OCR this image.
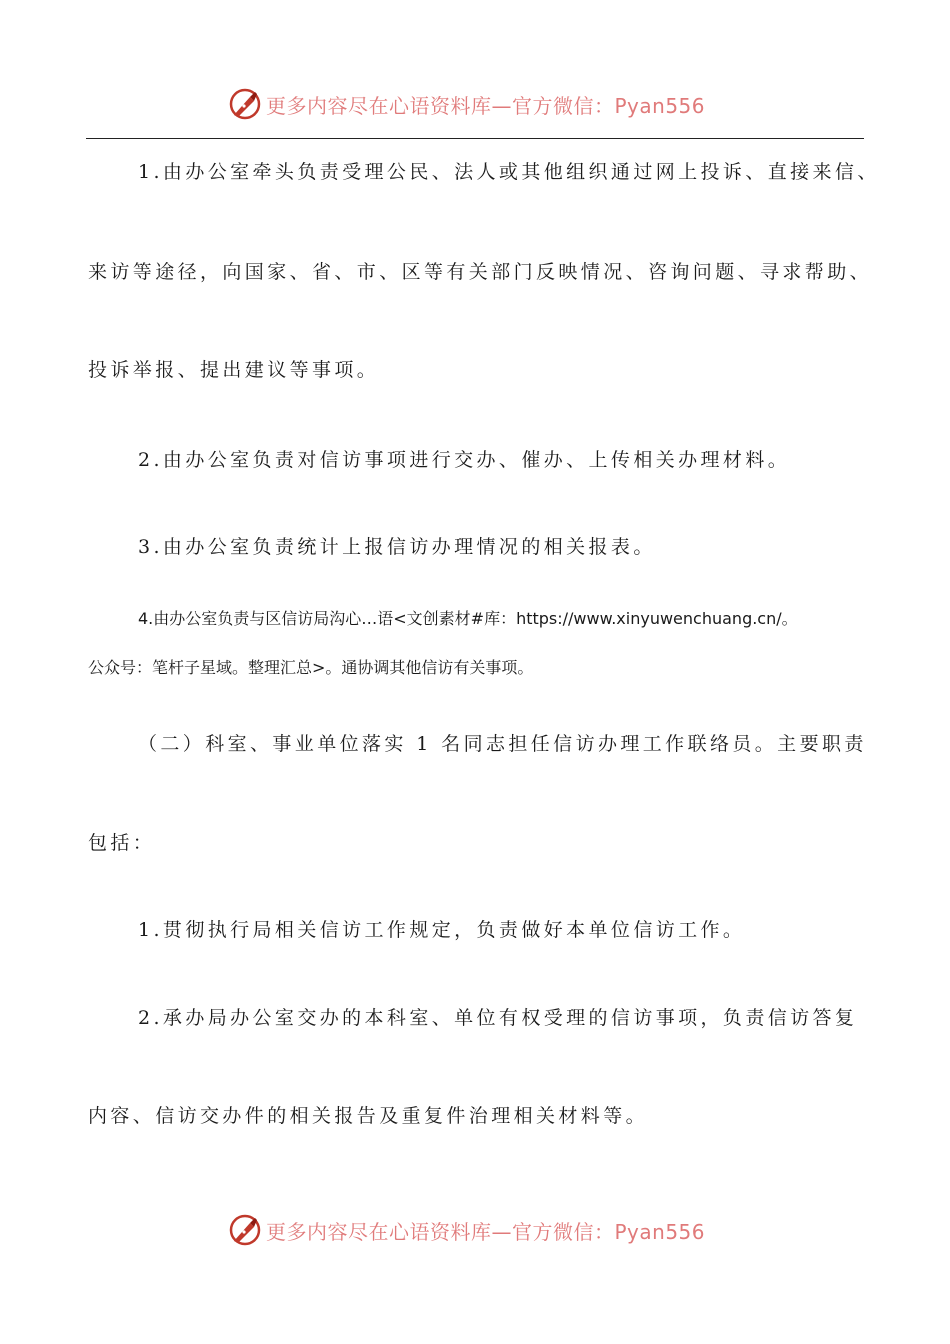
更多内容尽在心语资料库—官方微信：Pyan556
1.由办公室牵头负责受理公民、法人或其他组织通过网上投诉、直接来信、
来访等途径，向国家、省、市、区等有关部门反映情况、咨询问题、寻求帮助、
投诉举报、提出建议等事项。
2.由办公室负责对信访事项进行交办、催办、上传相关办理材料。
3.由办公室负责统计上报信访办理情况的相关报表。
4.由办公室负责与区信访局沟心…语<文创素材#库：https://www.xinyuwenchuang.cn/。
公众号：笔杆子星域。整理汇总>。通协调其他信访有关事项。
（二）科室、事业单位落实 1 名同志担任信访办理工作联络员。主要职责
包括：
1.贯彻执行局相关信访工作规定，负责做好本单位信访工作。
2.承办局办公室交办的本科室、单位有权受理的信访事项，负责信访答复
内容、信访交办件的相关报告及重复件治理相关材料等。
更多内容尽在心语资料库—官方微信：Pyan556
